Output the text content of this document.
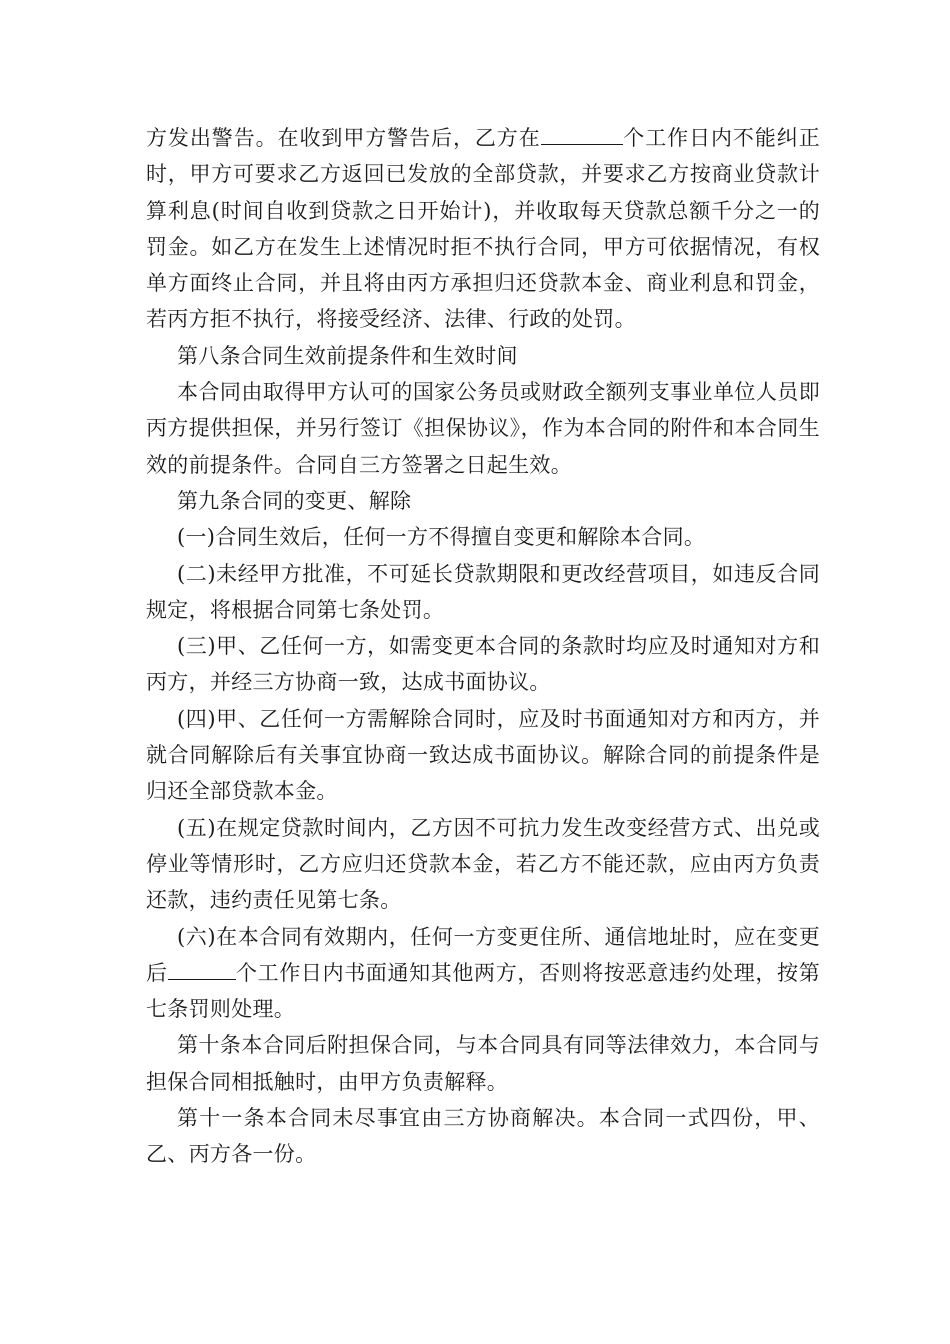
方发出警告。在收到甲方警告后，乙方在	个工作日内不能纠正时，甲方可要求乙方返回已发放的全部贷款，并要求乙方按商业贷款计算利息(时间自收到贷款之日开始计)，并收取每天贷款总额千分之一的罚金。如乙方在发生上述情况时拒不执行合同，甲方可依据情况，有权单方面终止合同，并且将由丙方承担归还贷款本金、商业利息和罚金，若丙方拒不执行，将接受经济、法律、行政的处罚。

第八条合同生效前提条件和生效时间

本合同由取得甲方认可的国家公务员或财政全额列支事业单位人员即丙方提供担保，并另行签订《担保协议》，作为本合同的附件和本合同生效的前提条件。合同自三方签署之日起生效。

第九条合同的变更、解除

(一)合同生效后，任何一方不得擅自变更和解除本合同。

(二)未经甲方批准，不可延长贷款期限和更改经营项目，如违反合同规定，将根据合同第七条处罚。

(三)甲、乙任何一方，如需变更本合同的条款时均应及时通知对方和丙方，并经三方协商一致，达成书面协议。

(四)甲、乙任何一方需解除合同时，应及时书面通知对方和丙方，并就合同解除后有关事宜协商一致达成书面协议。解除合同的前提条件是归还全部贷款本金。

(五)在规定贷款时间内，乙方因不可抗力发生改变经营方式、出兑或停业等情形时，乙方应归还贷款本金，若乙方不能还款，应由丙方负责还款，违约责任见第七条。

(六)在本合同有效期内，任何一方变更住所、通信地址时，应在变更后	个工作日内书面通知其他两方，否则将按恶意违约处理，按第七条罚则处理。

第十条本合同后附担保合同，与本合同具有同等法律效力，本合同与担保合同相抵触时，由甲方负责解释。

第十一条本合同未尽事宜由三方协商解决。本合同一式四份，甲、乙、丙方各一份。
